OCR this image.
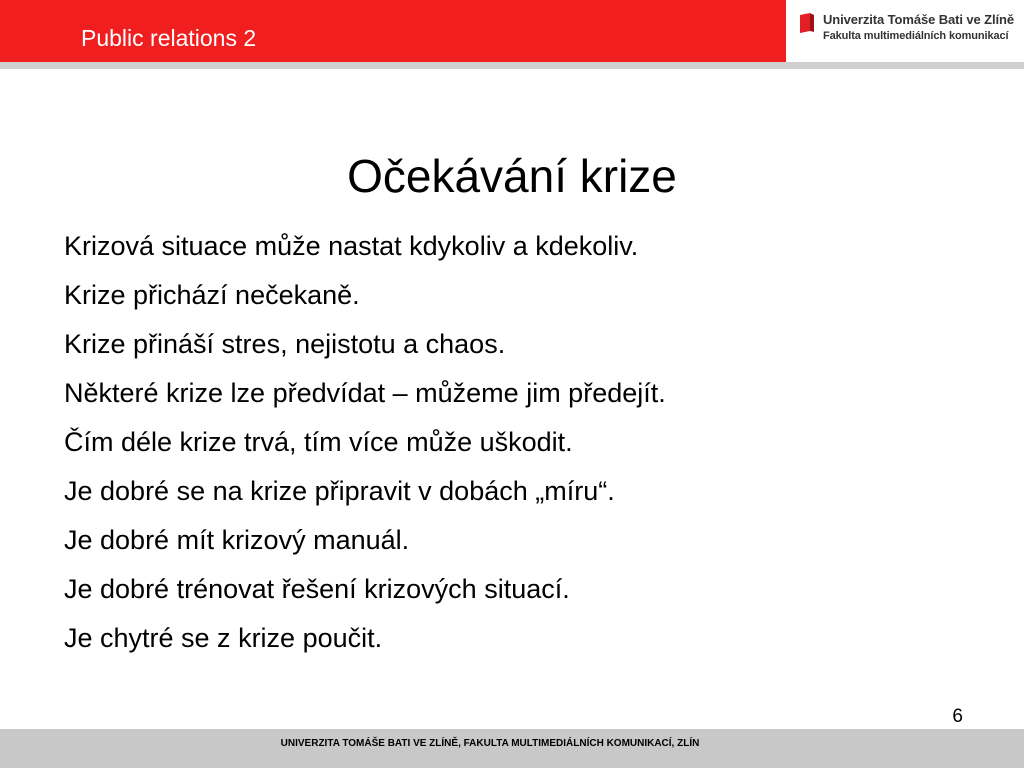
Public relations 2
Univerzita Tomáše Bati ve Zlíně
Fakulta multimediálních komunikací
Očekávání krize
Krizová situace může nastat kdykoliv a kdekoliv.
Krize přichází nečekaně.
Krize přináší stres, nejistotu a chaos.
Některé krize lze předvídat – můžeme jim předejít.
Čím déle krize trvá, tím více může uškodit.
Je dobré se na krize připravit v dobách „míru“.
Je dobré mít krizový manuál.
Je dobré trénovat řešení krizových situací.
Je chytré se z krize poučit.
6
UNIVERZITA TOMÁŠE BATI VE ZLÍNĚ, FAKULTA MULTIMEDIÁLNÍCH KOMUNIKACÍ, ZLÍN
